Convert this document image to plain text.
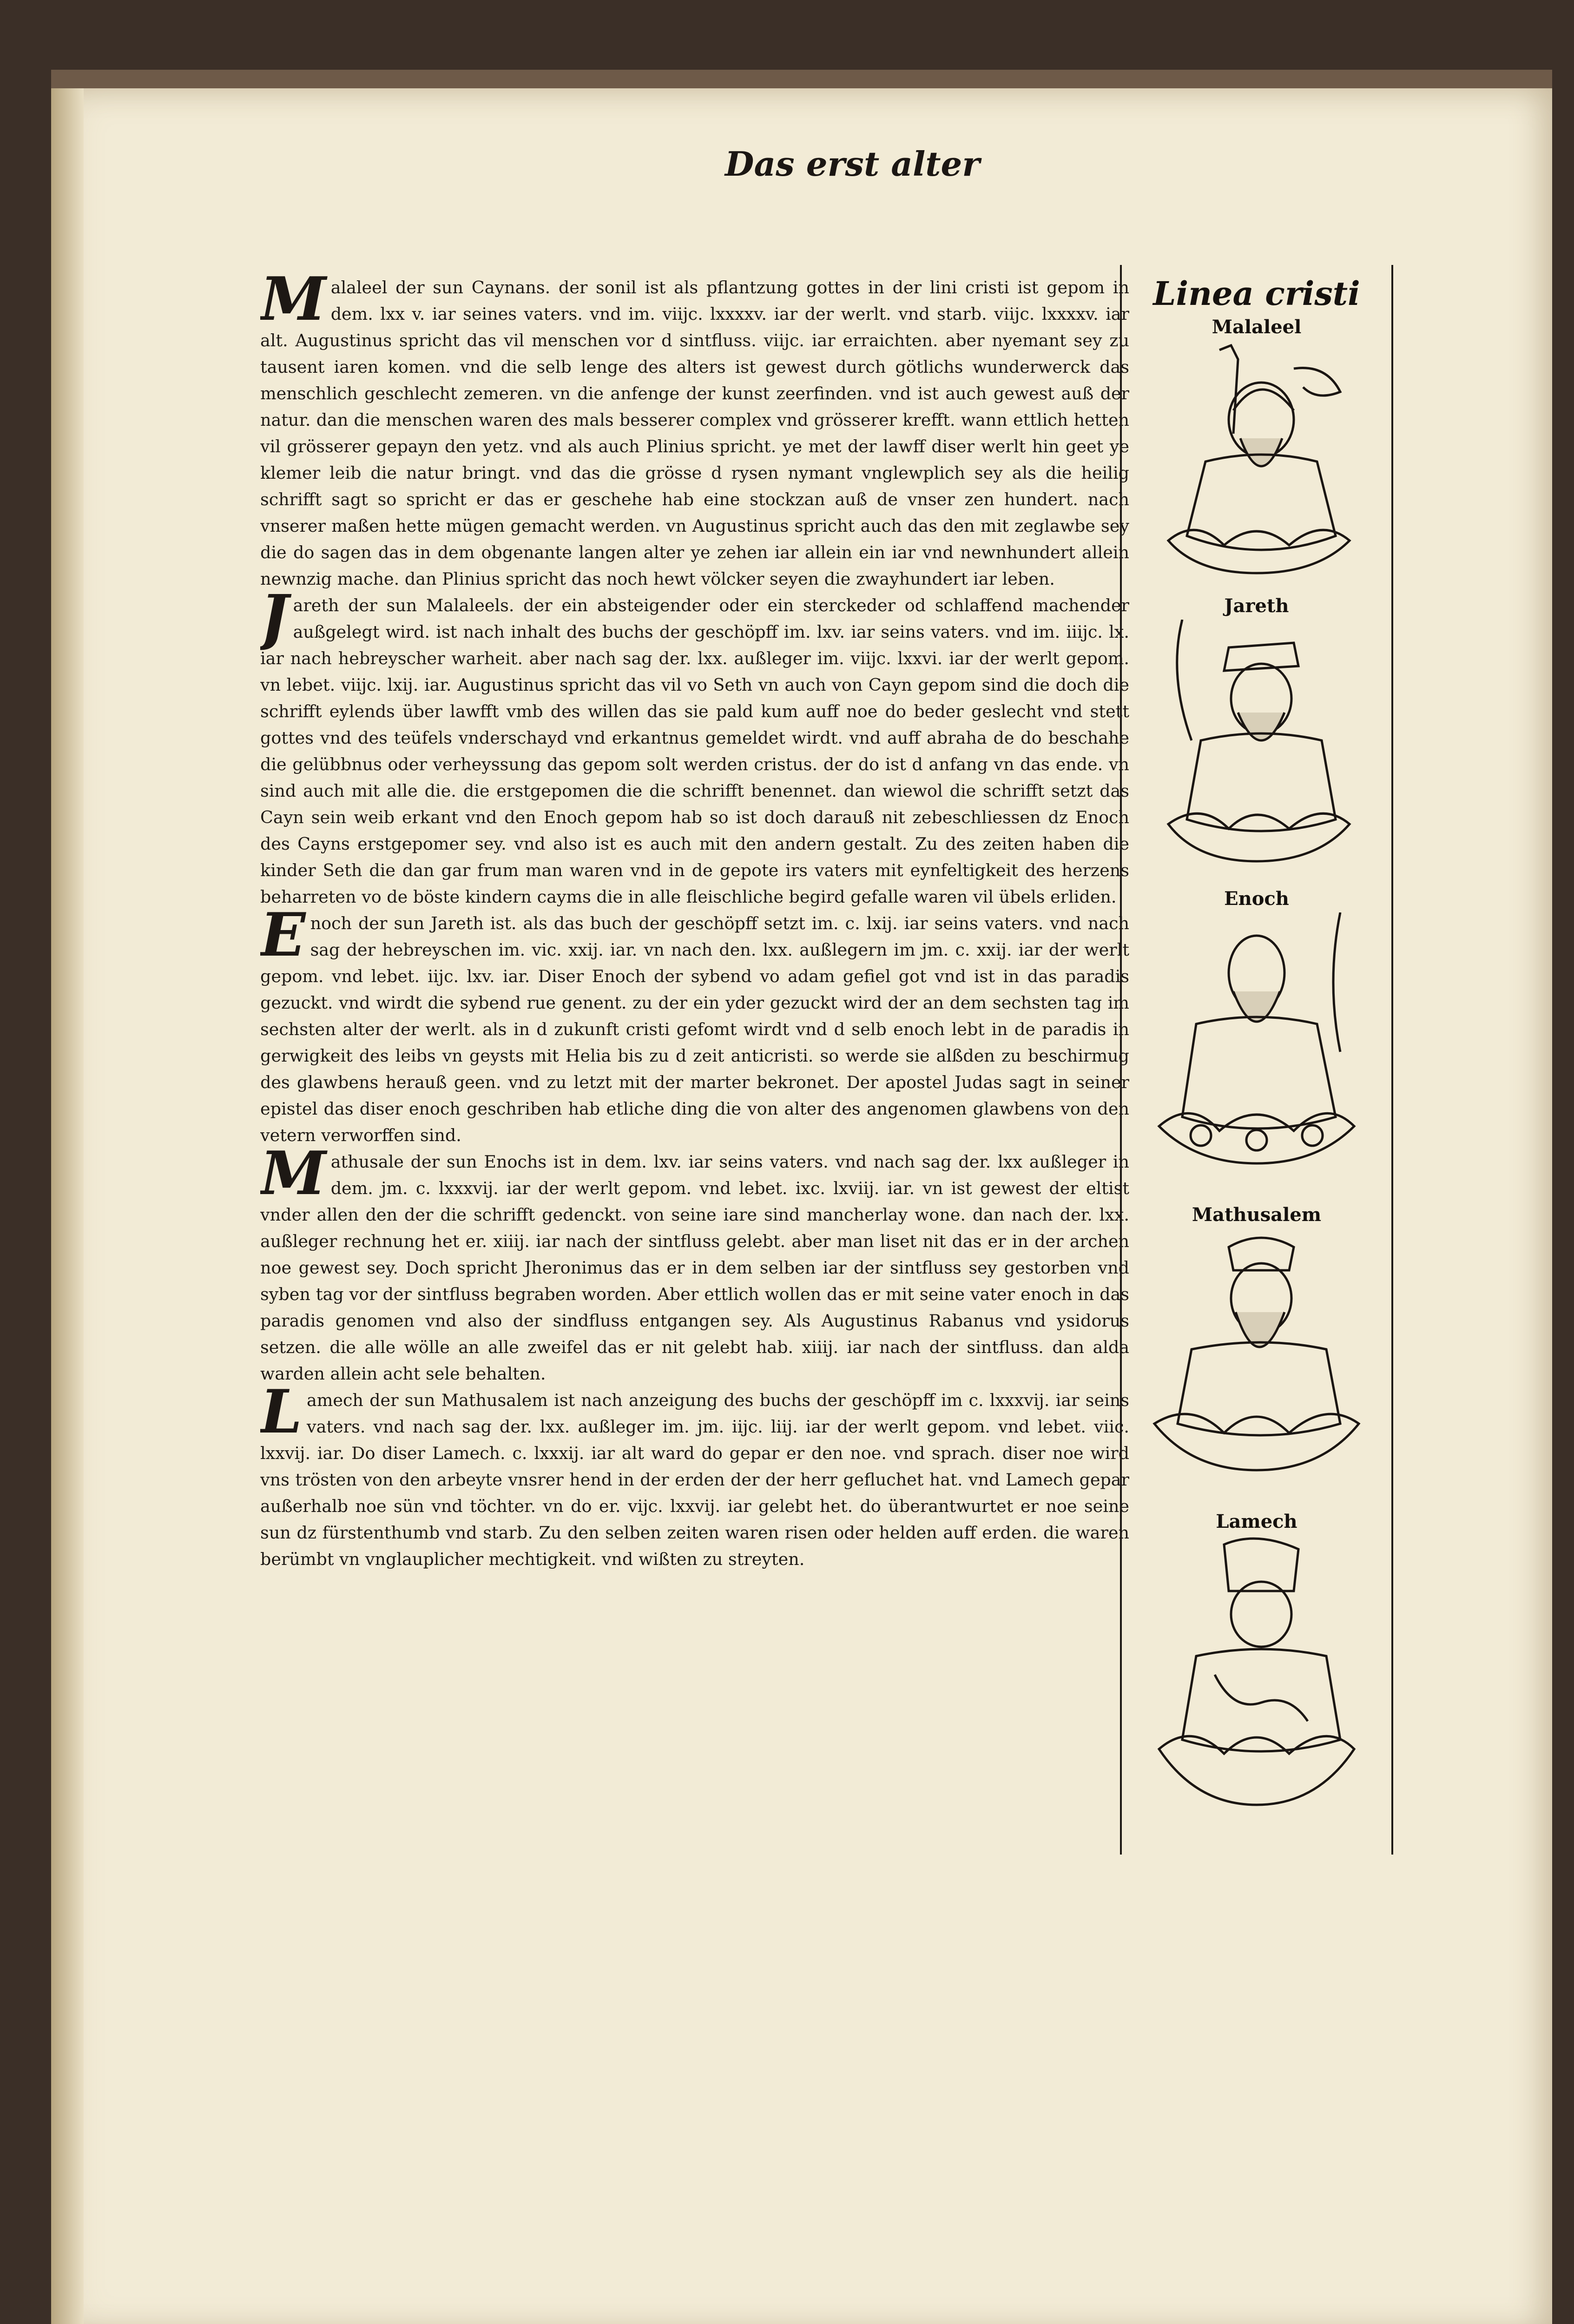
Das erst alter

Malaleel der sun Caynans. der sonil ist als pflantzung gottes in der lini cristi ist gepom in dem. lxx v. iar seines vaters. vnd im. viijc. lxxxxv. iar der werlt. vnd starb. viijc. lxxxxv. iar alt. Augustinus spricht das vil menschen vor d sintfluss. viijc. iar erraichten. aber nyemant sey zu tausent iaren komen. vnd die selb lenge des alters ist gewest durch götlichs wunderwerck das menschlich geschlecht zemeren. vn die anfenge der kunst zeerfinden. vnd ist auch gewest auß der natur. dan die menschen waren des mals besserer complex vnd grösserer krefft. wann ettlich hetten vil grösserer gepayn den yetz. vnd als auch Plinius spricht. ye met der lawff diser werlt hin geet ye klemer leib die natur bringt. vnd das die grösse d rysen nymant vnglewplich sey als die heilig schrifft sagt so spricht er das er geschehe hab eine stockzan auß de vnser zen hundert. nach vnserer maßen hette mügen gemacht werden. vn Augustinus spricht auch das den mit zeglawbe sey die do sagen das in dem obgenante langen alter ye zehen iar allein ein iar vnd newnhundert allein newnzig mache. dan Plinius spricht das noch hewt völcker seyen die zwayhundert iar leben.

Jareth der sun Malaleels. der ein absteigender oder ein sterckeder od schlaffend machender außgelegt wird. ist nach inhalt des buchs der geschöpff im. lxv. iar seins vaters. vnd im. iiijc. lx. iar nach hebreyscher warheit. aber nach sag der. lxx. außleger im. viijc. lxxvi. iar der werlt gepom. vn lebet. viijc. lxij. iar. Augustinus spricht das vil vo Seth vn auch von Cayn gepom sind die doch die schrifft eylends über lawfft vmb des willen das sie pald kum auff noe do beder geslecht vnd stett gottes vnd des teüfels vnderschayd vnd erkantnus gemeldet wirdt. vnd auff abraha de do beschahe die gelübbnus oder verheyssung das gepom solt werden cristus. der do ist d anfang vn das ende. vn sind auch mit alle die. die erstgepomen die die schrifft benennet. dan wiewol die schrifft setzt das Cayn sein weib erkant vnd den Enoch gepom hab so ist doch darauß nit zebeschliessen dz Enoch des Cayns erstgepomer sey. vnd also ist es auch mit den andern gestalt. Zu des zeiten haben die kinder Seth die dan gar frum man waren vnd in de gepote irs vaters mit eynfeltigkeit des herzens beharreten vo de böste kindern cayms die in alle fleischliche begird gefalle waren vil übels erliden.

Enoch der sun Jareth ist. als das buch der geschöpff setzt im. c. lxij. iar seins vaters. vnd nach sag der hebreyschen im. vic. xxij. iar. vn nach den. lxx. außlegern im jm. c. xxij. iar der werlt gepom. vnd lebet. iijc. lxv. iar. Diser Enoch der sybend vo adam gefiel got vnd ist in das paradis gezuckt. vnd wirdt die sybend rue genent. zu der ein yder gezuckt wird der an dem sechsten tag im sechsten alter der werlt. als in d zukunft cristi gefomt wirdt vnd d selb enoch lebt in de paradis in gerwigkeit des leibs vn geysts mit Helia bis zu d zeit anticristi. so werde sie alßden zu beschirmug des glawbens herauß geen. vnd zu letzt mit der marter bekronet. Der apostel Judas sagt in seiner epistel das diser enoch geschriben hab etliche ding die von alter des angenomen glawbens von den vetern verworffen sind.

Mathusale der sun Enochs ist in dem. lxv. iar seins vaters. vnd nach sag der. lxx außleger in dem. jm. c. lxxxvij. iar der werlt gepom. vnd lebet. ixc. lxviij. iar. vn ist gewest der eltist vnder allen den der die schrifft gedenckt. von seine iare sind mancherlay wone. dan nach der. lxx. außleger rechnung het er. xiiij. iar nach der sintfluss gelebt. aber man liset nit das er in der archen noe gewest sey. Doch spricht Jheronimus das er in dem selben iar der sintfluss sey gestorben vnd syben tag vor der sintfluss begraben worden. Aber ettlich wollen das er mit seine vater enoch in das paradis genomen vnd also der sindfluss entgangen sey. Als Augustinus Rabanus vnd ysidorus setzen. die alle wölle an alle zweifel das er nit gelebt hab. xiiij. iar nach der sintfluss. dan alda warden allein acht sele behalten.

Lamech der sun Mathusalem ist nach anzeigung des buchs der geschöpff im c. lxxxvij. iar seins vaters. vnd nach sag der. lxx. außleger im. jm. iijc. liij. iar der werlt gepom. vnd lebet. viic. lxxvij. iar. Do diser Lamech. c. lxxxij. iar alt ward do gepar er den noe. vnd sprach. diser noe wird vns trösten von den arbeyte vnsrer hend in der erden der der herr gefluchet hat. vnd Lamech gepar außerhalb noe sün vnd töchter. vn do er. vijc. lxxvij. iar gelebt het. do überantwurtet er noe seine sun dz fürstenthumb vnd starb. Zu den selben zeiten waren risen oder helden auff erden. die waren berümbt vn vnglauplicher mechtigkeit. vnd wißten zu streyten.

Linea cristi
Malaleel
Jareth
Enoch
Mathusalem
Lamech
